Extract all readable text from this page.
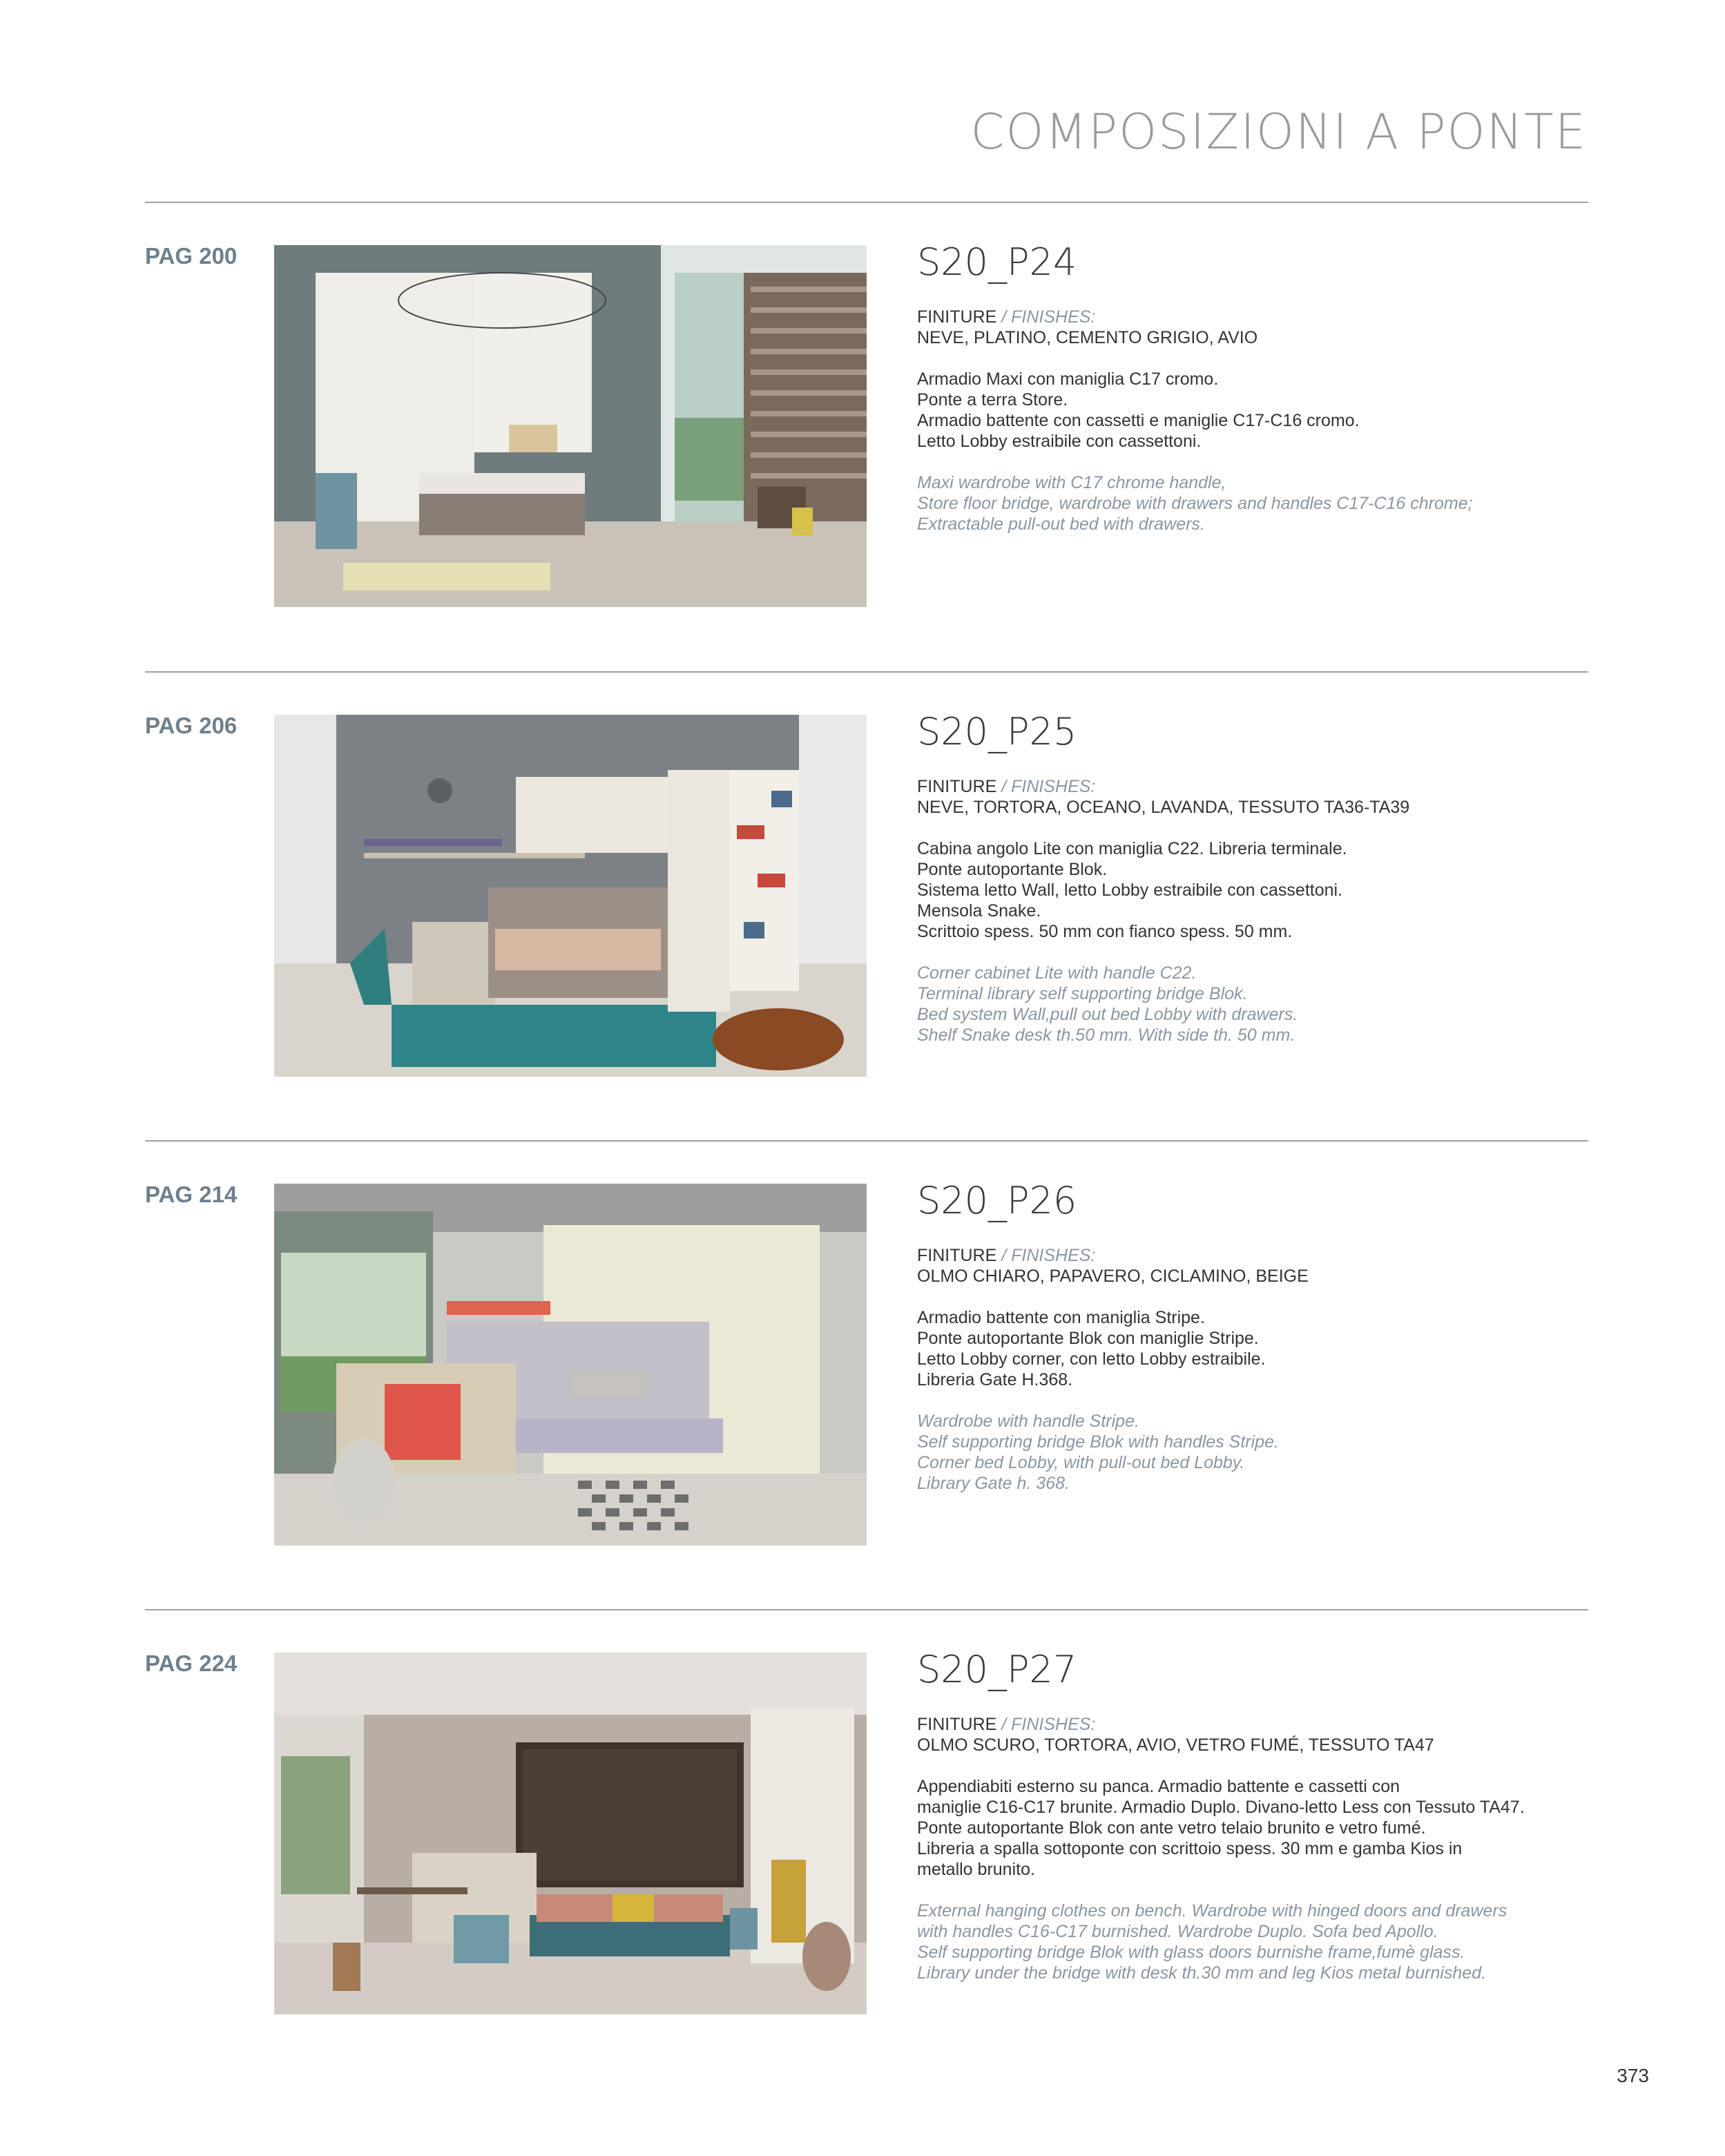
COMPOSIZIONI A PONTE
PAG 200	S20_P24
FINITURE / FINISHES:
NEVE, PLATINO, CEMENTO GRIGIO, AVIO
Armadio Maxi con maniglia C17 cromo.
Ponte a terra Store.
Armadio battente con cassetti e maniglie C17-C16 cromo.
Letto Lobby estraibile con cassettoni.
Maxi wardrobe with C17 chrome handle,
Store floor bridge, wardrobe with drawers and handles C17-C16 chrome;
Extractable pull-out bed with drawers.
PAG 206	S20_P25
FINITURE / FINISHES:
NEVE, TORTORA, OCEANO, LAVANDA, TESSUTO TA36-TA39
Cabina angolo Lite con maniglia C22. Libreria terminale.
Ponte autoportante Blok.
Sistema letto Wall, letto Lobby estraibile con cassettoni.
Mensola Snake.
Scrittoio spess. 50 mm con fianco spess. 50 mm.
Corner cabinet Lite with handle C22.
Terminal library self supporting bridge Blok.
Bed system Wall,pull out bed Lobby with drawers.
Shelf Snake desk th.50 mm. With side th. 50 mm.
PAG 214	S20_P26
FINITURE / FINISHES:
OLMO CHIARO, PAPAVERO, CICLAMINO, BEIGE
Armadio battente con maniglia Stripe.
Ponte autoportante Blok con maniglie Stripe.
Letto Lobby corner, con letto Lobby estraibile.
Libreria Gate H.368.
Wardrobe with handle Stripe.
Self supporting bridge Blok with handles Stripe.
Corner bed Lobby, with pull-out bed Lobby.
Library Gate h. 368.
PAG 224	S20_P27
FINITURE / FINISHES:
OLMO SCURO, TORTORA, AVIO, VETRO FUMÉ, TESSUTO TA47
Appendiabiti esterno su panca. Armadio battente e cassetti con
maniglie C16-C17 brunite. Armadio Duplo. Divano-letto Less con Tessuto TA47.
Ponte autoportante Blok con ante vetro telaio brunito e vetro fumé.
Libreria a spalla sottoponte con scrittoio spess. 30 mm e gamba Kios in
metallo brunito.
External hanging clothes on bench. Wardrobe with hinged doors and drawers
with handles C16-C17 burnished. Wardrobe Duplo. Sofa bed Apollo.
Self supporting bridge Blok with glass doors burnishe frame,fumè glass.
Library under the bridge with desk th.30 mm and leg Kios metal burnished.
373
